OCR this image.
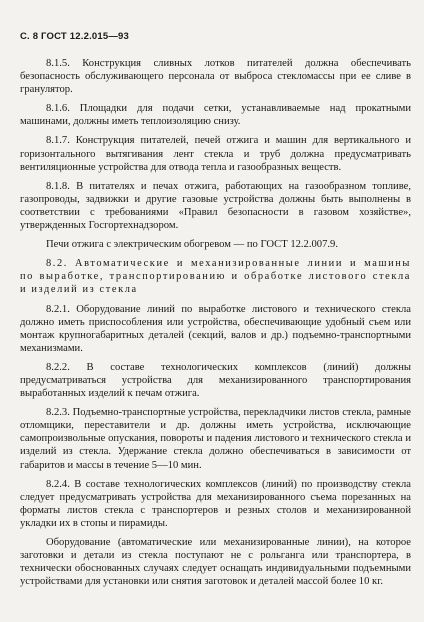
С. 8 ГОСТ 12.2.015—93

8.1.5. Конструкция сливных лотков питателей должна обеспечивать безопасность обслуживающего персонала от выброса стекломассы при ее сливе в гранулятор.

8.1.6. Площадки для подачи сетки, устанавливаемые над прокатными машинами, должны иметь теплоизоляцию снизу.

8.1.7. Конструкция питателей, печей отжига и машин для вертикального и горизонтального вытягивания лент стекла и труб должна предусматривать вентиляционные устройства для отвода тепла и газообразных веществ.

8.1.8. В питателях и печах отжига, работающих на газообразном топливе, газопроводы, задвижки и другие газовые устройства должны быть выполнены в соответствии с требованиями «Правил безопасности в газовом хозяйстве», утвержденных Госгортехнадзором.

Печи отжига с электрическим обогревом — по ГОСТ 12.2.007.9.

8.2. Автоматические и механизированные линии и машины по выработке, транспортированию и обработке листового стекла и изделий из стекла

8.2.1. Оборудование линий по выработке листового и технического стекла должно иметь приспособления или устройства, обеспечивающие удобный съем или монтаж крупногабаритных деталей (секций, валов и др.) подъемно-транспортными механизмами.

8.2.2. В составе технологических комплексов (линий) должны предусматриваться устройства для механизированного транспортирования выработанных изделий к печам отжига.

8.2.3. Подъемно-транспортные устройства, перекладчики листов стекла, рамные отломщики, переставители и др. должны иметь устройства, исключающие самопроизвольные опускания, повороты и падения листового и технического стекла и изделий из стекла. Удержание стекла должно обеспечиваться в зависимости от габаритов и массы в течение 5—10 мин.

8.2.4. В составе технологических комплексов (линий) по производству стекла следует предусматривать устройства для механизированного съема порезанных на форматы листов стекла с транспортеров и резных столов и механизированной укладки их в стопы и пирамиды.

Оборудование (автоматические или механизированные линии), на которое заготовки и детали из стекла поступают не с рольганга или транспортера, в технически обоснованных случаях следует оснащать индивидуальными подъемными устройствами для установки или снятия заготовок и деталей массой более 10 кг.
